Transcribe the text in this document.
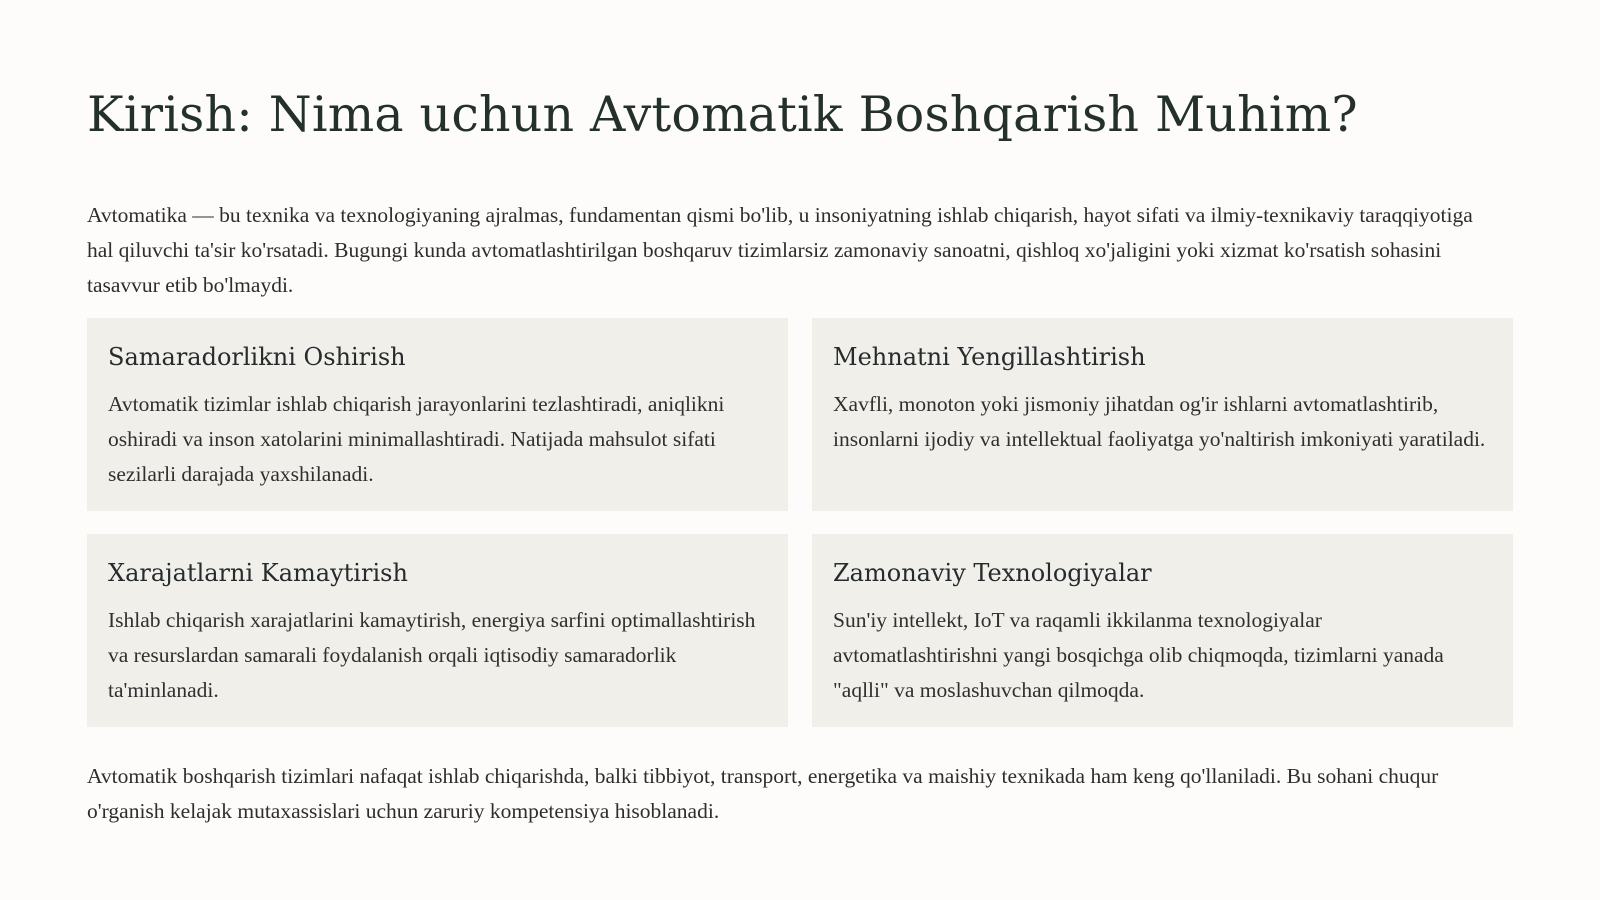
Kirish: Nima uchun Avtomatik Boshqarish Muhim?

Avtomatika — bu texnika va texnologiyaning ajralmas, fundamentan qismi bo'lib, u insoniyatning ishlab chiqarish, hayot sifati va ilmiy-texnikaviy taraqqiyotiga hal qiluvchi ta'sir ko'rsatadi. Bugungi kunda avtomatlashtirilgan boshqaruv tizimlarsiz zamonaviy sanoatni, qishloq xo'jaligini yoki xizmat ko'rsatish sohasini tasavvur etib bo'lmaydi.

Samaradorlikni Oshirish

Avtomatik tizimlar ishlab chiqarish jarayonlarini tezlashtiradi, aniqlikni oshiradi va inson xatolarini minimallashtiradi. Natijada mahsulot sifati sezilarli darajada yaxshilanadi.

Mehnatni Yengillashtirish

Xavfli, monoton yoki jismoniy jihatdan og'ir ishlarni avtomatlashtirib, insonlarni ijodiy va intellektual faoliyatga yo'naltirish imkoniyati yaratiladi.

Xarajatlarni Kamaytirish

Ishlab chiqarish xarajatlarini kamaytirish, energiya sarfini optimallashtirish va resurslardan samarali foydalanish orqali iqtisodiy samaradorlik ta'minlanadi.

Zamonaviy Texnologiyalar

Sun'iy intellekt, IoT va raqamli ikkilanma texnologiyalar avtomatlashtirishni yangi bosqichga olib chiqmoqda, tizimlarni yanada "aqlli" va moslashuvchan qilmoqda.

Avtomatik boshqarish tizimlari nafaqat ishlab chiqarishda, balki tibbiyot, transport, energetika va maishiy texnikada ham keng qo'llaniladi. Bu sohani chuqur o'rganish kelajak mutaxassislari uchun zaruriy kompetensiya hisoblanadi.
